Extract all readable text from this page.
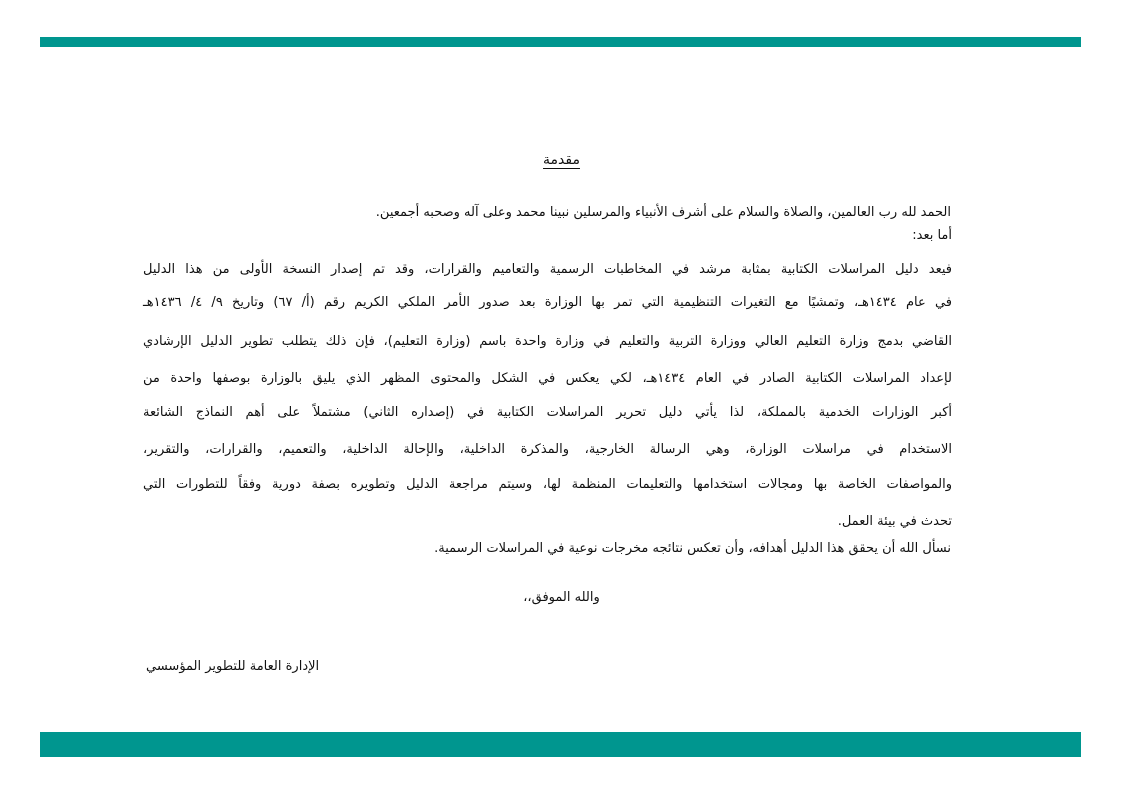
مقدمة
الحمد لله رب العالمين، والصلاة والسلام على أشرف الأنبياء والمرسلين نبينا محمد وعلى آله وصحبه أجمعين.
أما بعد:
فيعد دليل المراسلات الكتابية بمثابة مرشد في المخاطبات الرسمية والتعاميم والقرارات، وقد تم إصدار النسخة الأولى من هذا الدليل
في عام ١٤٣٤هـ، وتمشيًا مع التغيرات التنظيمية التي تمر بها الوزارة بعد صدور الأمر الملكي الكريم رقم (أ/ ٦٧) وتاريخ ٩/ ٤/ ١٤٣٦هـ
القاضي بدمج وزارة التعليم العالي ووزارة التربية والتعليم في وزارة واحدة باسم (وزارة التعليم)، فإن ذلك يتطلب تطوير الدليل الإرشادي
لإعداد المراسلات الكتابية الصادر في العام ١٤٣٤هـ، لكي يعكس في الشكل والمحتوى المظهر الذي يليق بالوزارة بوصفها واحدة من
أكبر الوزارات الخدمية بالمملكة، لذا يأتي دليل تحرير المراسلات الكتابية في (إصداره الثاني) مشتملاً على أهم النماذج الشائعة
الاستخدام في مراسلات الوزارة، وهي الرسالة الخارجية، والمذكرة الداخلية، والإحالة الداخلية، والتعميم، والقرارات، والتقرير،
والمواصفات الخاصة بها ومجالات استخدامها والتعليمات المنظمة لها، وسيتم مراجعة الدليل وتطويره بصفة دورية وفقاً للتطورات التي
تحدث في بيئة العمل.
نسأل الله أن يحقق هذا الدليل أهدافه، وأن تعكس نتائجه مخرجات نوعية في المراسلات الرسمية.
والله الموفق،،
الإدارة العامة للتطوير المؤسسي
